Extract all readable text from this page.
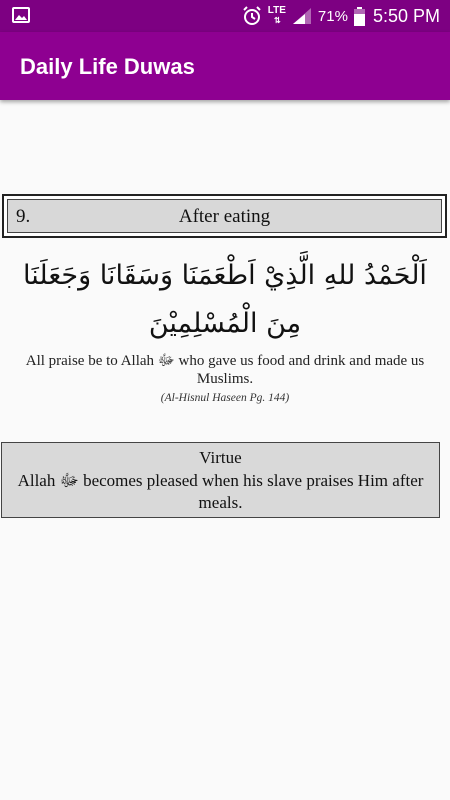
LTE
⇅	71% 5:50 PM
Daily Life Duwas
9.	After eating
اَلْحَمْدُ للهِ الَّذِيْ اَطْعَمَنَا وَسَقَانَا وَجَعَلَنَا مِنَ الْمُسْلِمِيْنَ
All praise be to Allah ﷻ who gave us food and drink and made us Muslims.
(Al-Hisnul Haseen Pg. 144)
Virtue
Allah ﷻ becomes pleased when his slave praises Him after meals.
